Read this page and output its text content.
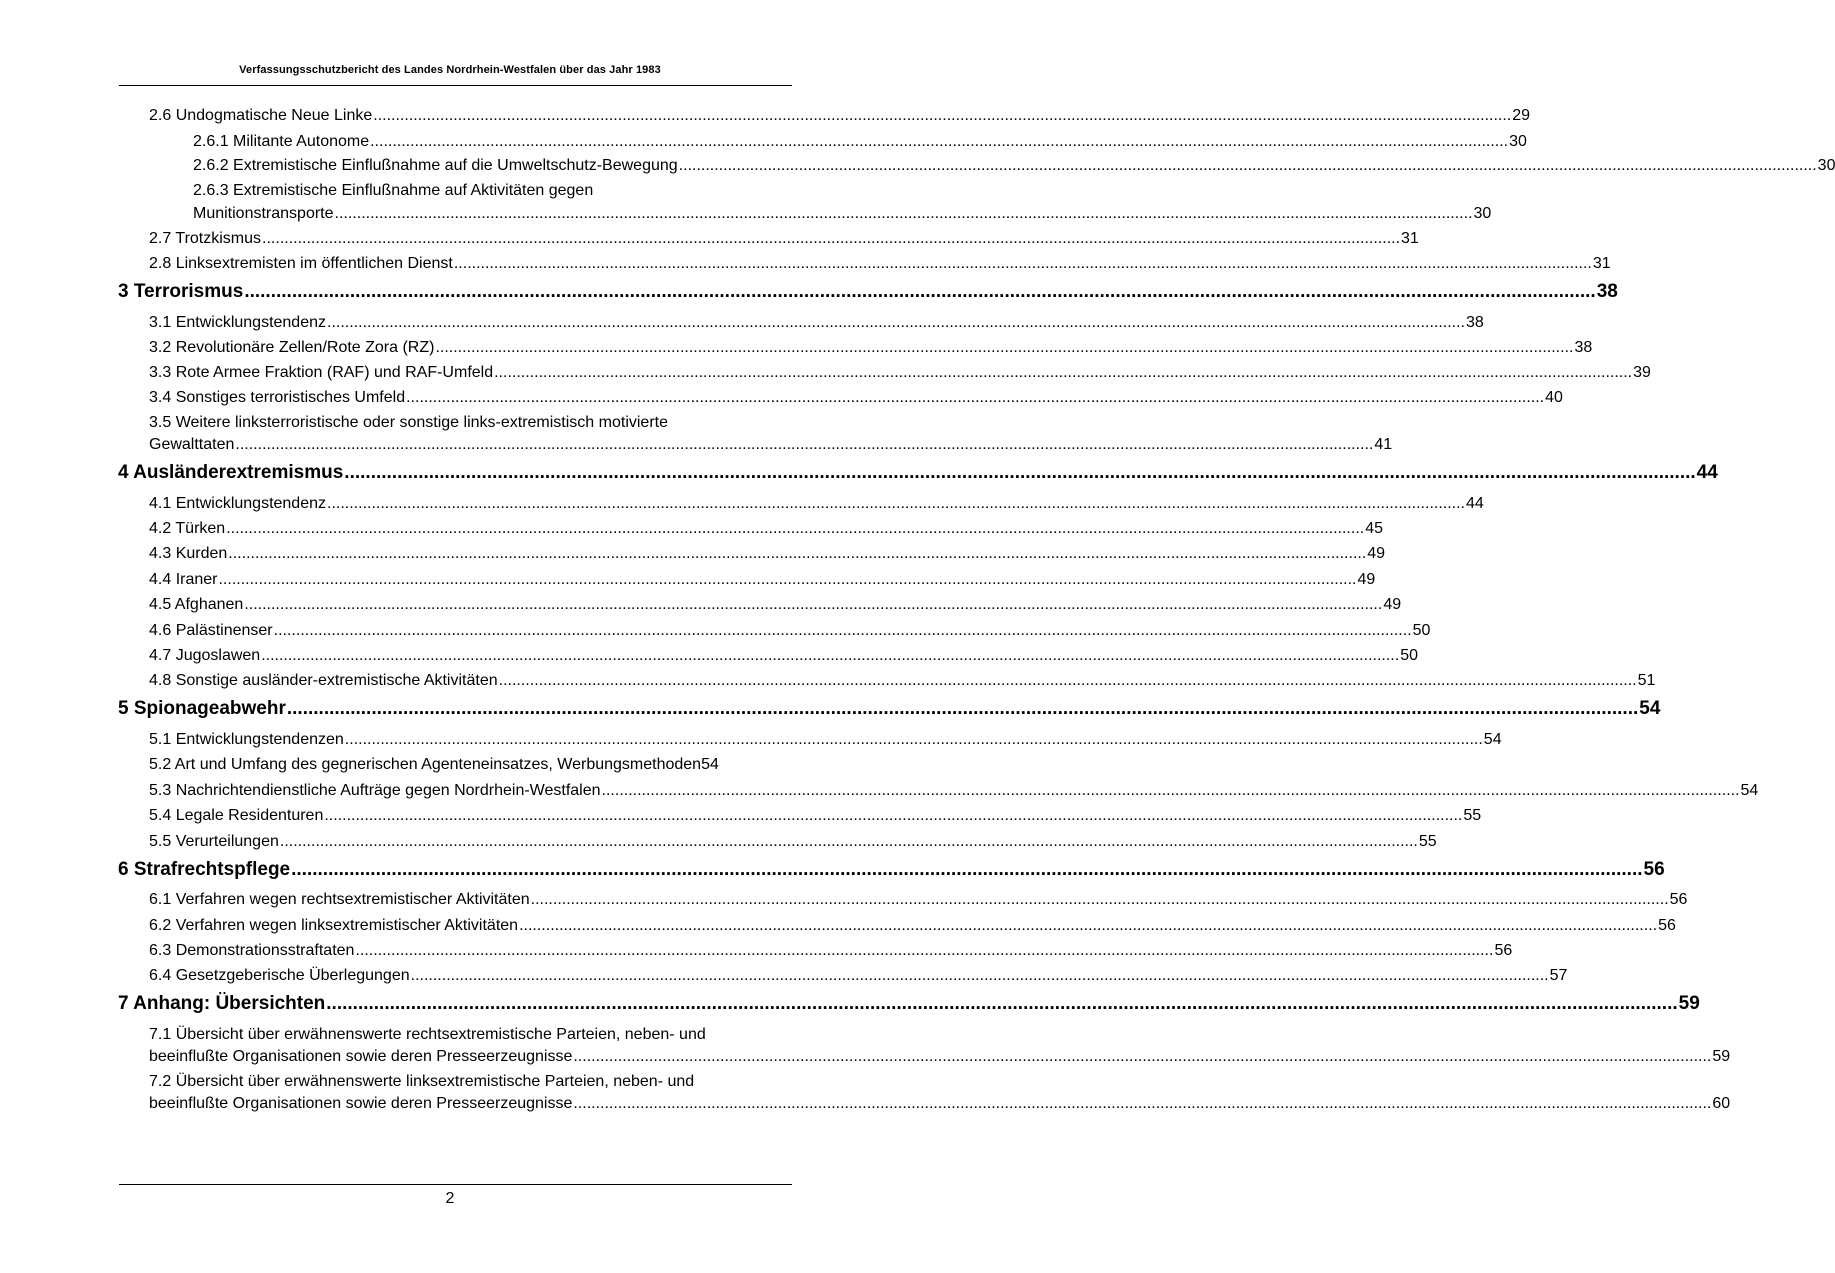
Verfassungsschutzbericht des Landes Nordrhein-Westfalen über das Jahr 1983
2.6 Undogmatische Neue Linke ................................................................................................................................................................................................................................................................ 29
2.6.1 Militante Autonome ................................................................................................................................................................................................................................................................ 30
2.6.2 Extremistische Einflußnahme auf die Umweltschutz-Bewegung ................................................................................................................................................................................................................................................................ 30
2.6.3 Extremistische Einflußnahme auf Aktivitäten gegen
Munitionstransporte ................................................................................................................................................................................................................................................................ 30
2.7 Trotzkismus ................................................................................................................................................................................................................................................................ 31
2.8 Linksextremisten im öffentlichen Dienst ................................................................................................................................................................................................................................................................ 31
3 Terrorismus ................................................................................................................................................................................................................................................................ 38
3.1 Entwicklungstendenz ................................................................................................................................................................................................................................................................ 38
3.2 Revolutionäre Zellen/Rote Zora (RZ) ................................................................................................................................................................................................................................................................ 38
3.3 Rote Armee Fraktion (RAF) und RAF-Umfeld ................................................................................................................................................................................................................................................................ 39
3.4 Sonstiges terroristisches Umfeld ................................................................................................................................................................................................................................................................ 40
3.5 Weitere linksterroristische oder sonstige links-extremistisch motivierte
Gewalttaten ................................................................................................................................................................................................................................................................ 41
4 Ausländerextremismus ................................................................................................................................................................................................................................................................ 44
4.1 Entwicklungstendenz ................................................................................................................................................................................................................................................................ 44
4.2 Türken ................................................................................................................................................................................................................................................................ 45
4.3 Kurden ................................................................................................................................................................................................................................................................ 49
4.4 Iraner ................................................................................................................................................................................................................................................................ 49
4.5 Afghanen ................................................................................................................................................................................................................................................................ 49
4.6 Palästinenser ................................................................................................................................................................................................................................................................ 50
4.7 Jugoslawen ................................................................................................................................................................................................................................................................ 50
4.8 Sonstige ausländer-extremistische Aktivitäten ................................................................................................................................................................................................................................................................ 51
5 Spionageabwehr ................................................................................................................................................................................................................................................................ 54
5.1 Entwicklungstendenzen ................................................................................................................................................................................................................................................................ 54
5.2 Art und Umfang des gegnerischen Agenteneinsatzes, Werbungsmethoden 54
5.3 Nachrichtendienstliche Aufträge gegen Nordrhein-Westfalen ................................................................................................................................................................................................................................................................ 54
5.4 Legale Residenturen ................................................................................................................................................................................................................................................................ 55
5.5 Verurteilungen ................................................................................................................................................................................................................................................................ 55
6 Strafrechtspflege ................................................................................................................................................................................................................................................................ 56
6.1 Verfahren wegen rechtsextremistischer Aktivitäten ................................................................................................................................................................................................................................................................ 56
6.2 Verfahren wegen linksextremistischer Aktivitäten ................................................................................................................................................................................................................................................................ 56
6.3 Demonstrationsstraftaten ................................................................................................................................................................................................................................................................ 56
6.4 Gesetzgeberische Überlegungen ................................................................................................................................................................................................................................................................ 57
7 Anhang: Übersichten ................................................................................................................................................................................................................................................................ 59
7.1 Übersicht über erwähnenswerte rechtsextremistische Parteien, neben- und
beeinflußte Organisationen sowie deren Presseerzeugnisse ................................................................................................................................................................................................................................................................ 59
7.2 Übersicht über erwähnenswerte linksextremistische Parteien, neben- und
beeinflußte Organisationen sowie deren Presseerzeugnisse ................................................................................................................................................................................................................................................................ 60
2
